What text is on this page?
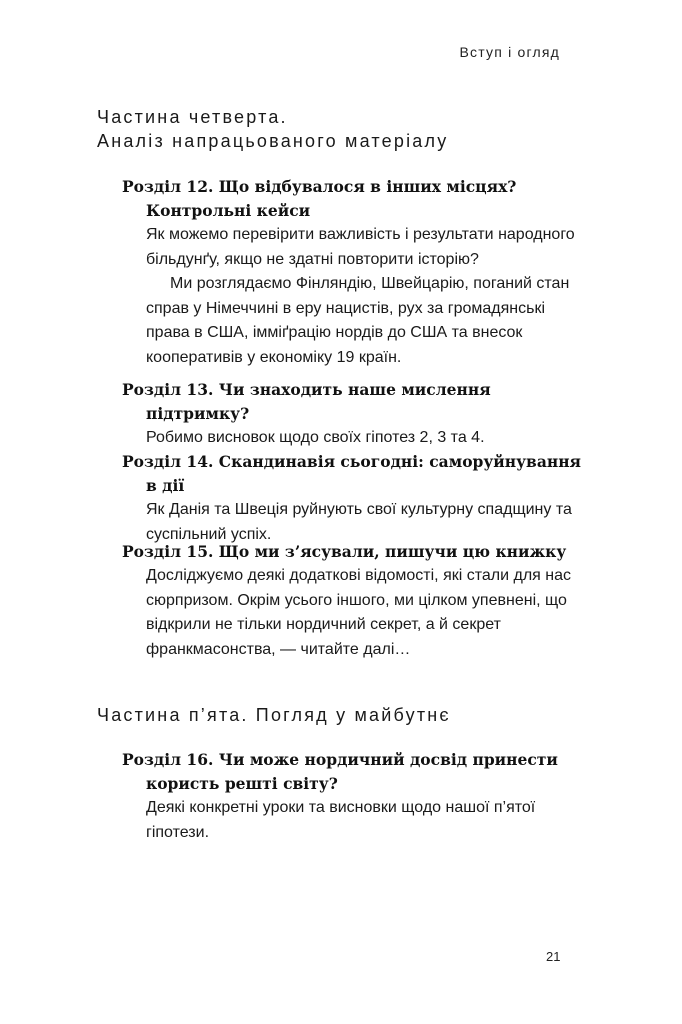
Вступ і огляд
Частина четверта.
Аналіз напрацьованого матеріалу
Розділ 12. Що відбувалося в інших місцях? Контрольні кейси

Як можемо перевірити важливість і результати народного більдунґу, якщо не здатні повторити історію?

Ми розглядаємо Фінляндію, Швейцарію, поганий стан справ у Німеччині в еру нацистів, рух за громадянські права в США, імміґрацію нордів до США та внесок кооперативів у економіку 19 країн.

Розділ 13. Чи знаходить наше мислення підтримку?

Робимо висновок щодо своїх гіпотез 2, 3 та 4.

Розділ 14. Скандинавія сьогодні: саморуйнування в дії

Як Данія та Швеція руйнують свої культурну спадщину та суспільний успіх.

Розділ 15. Що ми з’ясували, пишучи цю книжку

Досліджуємо деякі додаткові відомості, які стали для нас сюрпризом. Окрім усього іншого, ми цілком упевнені, що відкрили не тільки нордичний секрет, а й секрет франкмасонства, — читайте далі…

Частина п’ята. Погляд у майбутнє
Розділ 16. Чи може нордичний досвід принести користь решті світу?

Деякі конкретні уроки та висновки щодо нашої п’ятої гіпотези.

21
